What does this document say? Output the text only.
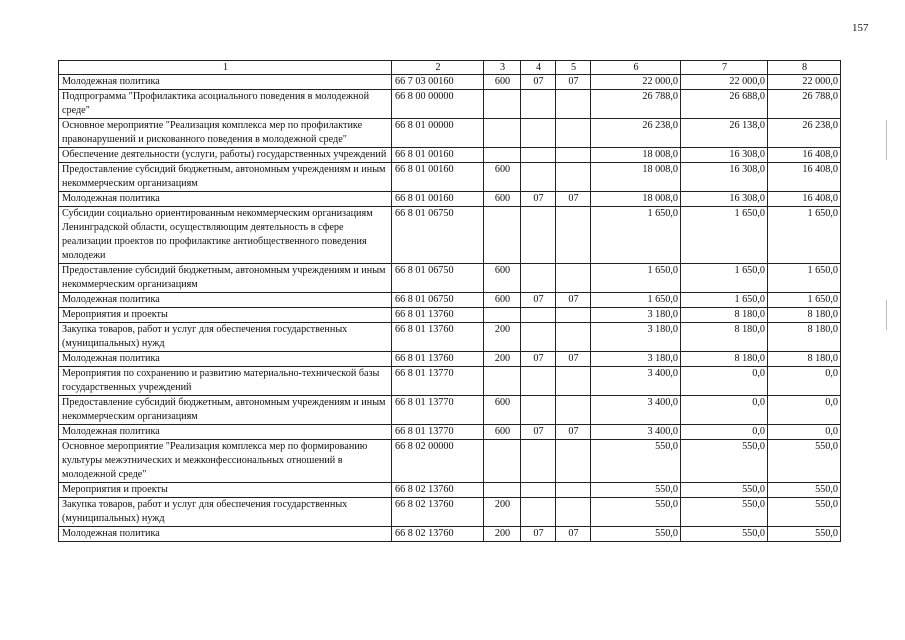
157
1	2	3	4	5	6	7	8
Молодежная политика	66 7 03 00160	600	07	07	22 000,0	22 000,0	22 000,0
Подпрограмма "Профилактика асоциального поведения в молодежной среде"	66 8 00 00000				26 788,0	26 688,0	26 788,0
Основное мероприятие "Реализация комплекса мер по профилактике правонарушений и рискованного поведения в молодежной среде"	66 8 01 00000				26 238,0	26 138,0	26 238,0
Обеспечение деятельности (услуги, работы) государственных учреждений	66 8 01 00160				18 008,0	16 308,0	16 408,0
Предоставление субсидий бюджетным, автономным учреждениям и иным некоммерческим организациям	66 8 01 00160	600			18 008,0	16 308,0	16 408,0
Молодежная политика	66 8 01 00160	600	07	07	18 008,0	16 308,0	16 408,0
Субсидии социально ориентированным некоммерческим организациям Ленинградской области, осуществляющим деятельность в сфере реализации проектов по профилактике антиобщественного поведения молодежи	66 8 01 06750				1 650,0	1 650,0	1 650,0
Предоставление субсидий бюджетным, автономным учреждениям и иным некоммерческим организациям	66 8 01 06750	600			1 650,0	1 650,0	1 650,0
Молодежная политика	66 8 01 06750	600	07	07	1 650,0	1 650,0	1 650,0
Мероприятия и проекты	66 8 01 13760				3 180,0	8 180,0	8 180,0
Закупка товаров, работ и услуг для обеспечения государственных (муниципальных) нужд	66 8 01 13760	200			3 180,0	8 180,0	8 180,0
Молодежная политика	66 8 01 13760	200	07	07	3 180,0	8 180,0	8 180,0
Мероприятия по сохранению и развитию материально-технической базы государственных учреждений	66 8 01 13770				3 400,0	0,0	0,0
Предоставление субсидий бюджетным, автономным учреждениям и иным некоммерческим организациям	66 8 01 13770	600			3 400,0	0,0	0,0
Молодежная политика	66 8 01 13770	600	07	07	3 400,0	0,0	0,0
Основное мероприятие "Реализация комплекса мер по формированию культуры межэтнических и межконфессиональных отношений в молодежной среде"	66 8 02 00000				550,0	550,0	550,0
Мероприятия и проекты	66 8 02 13760				550,0	550,0	550,0
Закупка товаров, работ и услуг для обеспечения государственных (муниципальных) нужд	66 8 02 13760	200			550,0	550,0	550,0
Молодежная политика	66 8 02 13760	200	07	07	550,0	550,0	550,0
